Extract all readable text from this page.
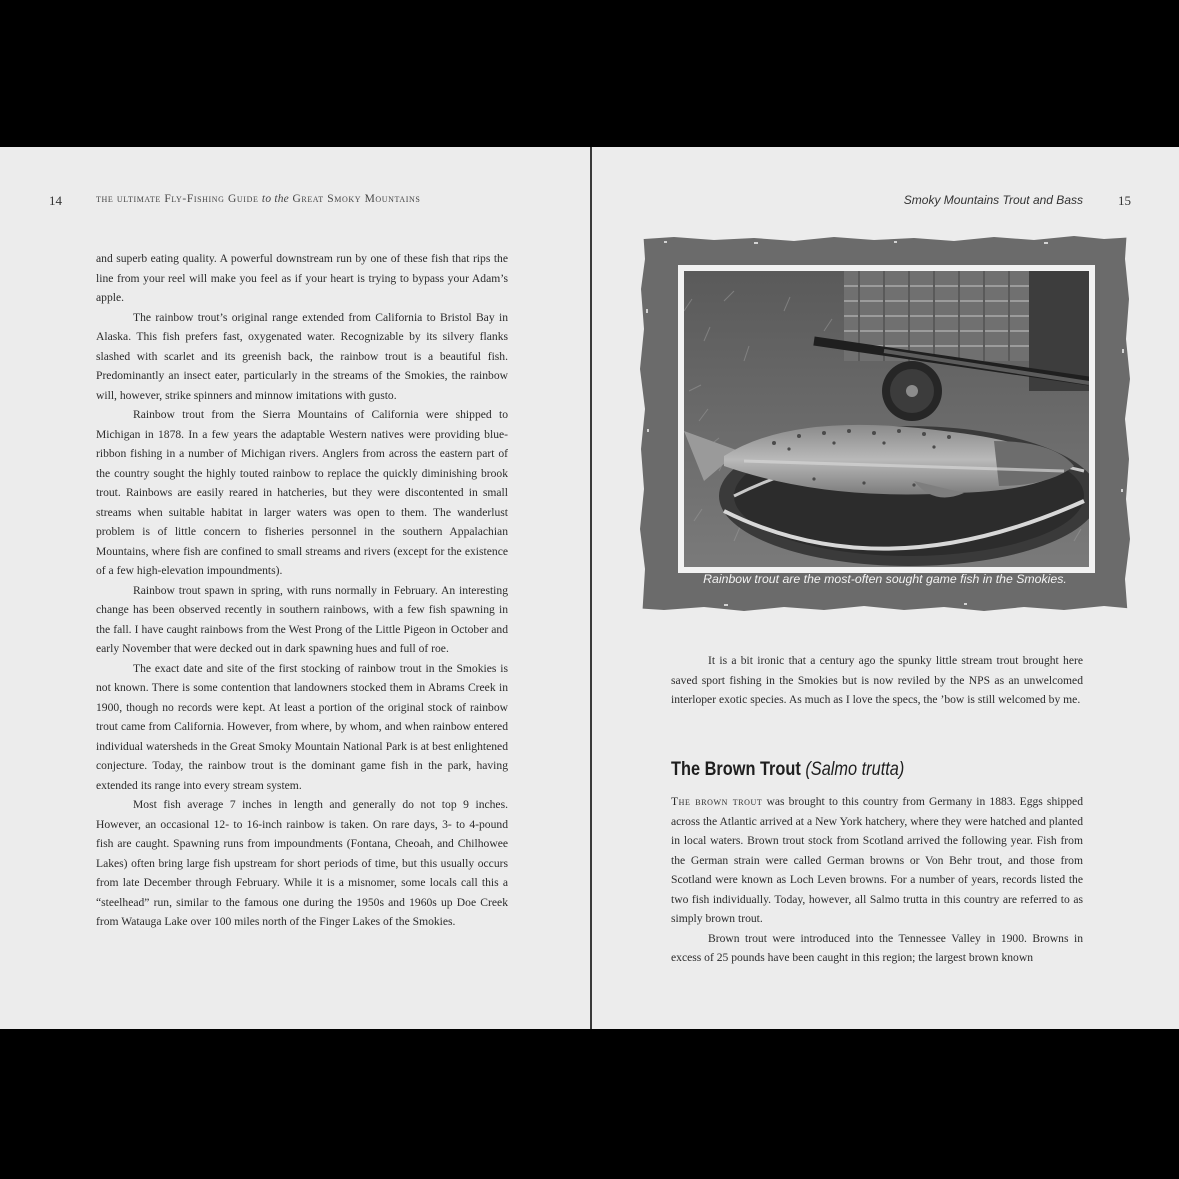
14	the ultimate Fly-Fishing Guide to the Great Smoky Mountains

and superb eating quality. A powerful downstream run by one of these fish that rips the line from your reel will make you feel as if your heart is trying to bypass your Adam’s apple.

The rainbow trout’s original range extended from California to Bristol Bay in Alaska. This fish prefers fast, oxygenated water. Recognizable by its silvery flanks slashed with scarlet and its greenish back, the rainbow trout is a beautiful fish. Predominantly an insect eater, particularly in the streams of the Smokies, the rainbow will, however, strike spinners and minnow imitations with gusto.

Rainbow trout from the Sierra Mountains of California were shipped to Michigan in 1878. In a few years the adaptable Western natives were providing blue-ribbon fishing in a number of Michigan rivers. Anglers from across the eastern part of the country sought the highly touted rainbow to replace the quickly diminishing brook trout. Rainbows are easily reared in hatcheries, but they were discontented in small streams when suitable habitat in larger waters was open to them. The wanderlust problem is of little concern to fisheries personnel in the southern Appalachian Mountains, where fish are confined to small streams and rivers (except for the existence of a few high-elevation impoundments).

Rainbow trout spawn in spring, with runs normally in February. An interesting change has been observed recently in southern rainbows, with a few fish spawning in the fall. I have caught rainbows from the West Prong of the Little Pigeon in October and early November that were decked out in dark spawning hues and full of roe.

The exact date and site of the first stocking of rainbow trout in the Smokies is not known. There is some contention that landowners stocked them in Abrams Creek in 1900, though no records were kept. At least a portion of the original stock of rainbow trout came from California. However, from where, by whom, and when rainbow entered individual watersheds in the Great Smoky Mountain National Park is at best enlightened conjecture. Today, the rainbow trout is the dominant game fish in the park, having extended its range into every stream system.

Most fish average 7 inches in length and generally do not top 9 inches. However, an occasional 12- to 16-inch rainbow is taken. On rare days, 3- to 4-pound fish are caught. Spawning runs from impoundments (Fontana, Cheoah, and Chilhowee Lakes) often bring large fish upstream for short periods of time, but this usually occurs from late December through February. While it is a misnomer, some locals call this a “steelhead” run, similar to the famous one during the 1950s and 1960s up Doe Creek from Watauga Lake over 100 miles north of the Finger Lakes of the Smokies.

Smoky Mountains Trout and Bass	15
Rainbow trout are the most-often sought game fish in the Smokies.

It is a bit ironic that a century ago the spunky little stream trout brought here saved sport fishing in the Smokies but is now reviled by the NPS as an unwelcomed interloper exotic species. As much as I love the specs, the ’bow is still welcomed by me.

The Brown Trout (Salmo trutta)

The brown trout was brought to this country from Germany in 1883. Eggs shipped across the Atlantic arrived at a New York hatchery, where they were hatched and planted in local waters. Brown trout stock from Scotland arrived the following year. Fish from the German strain were called German browns or Von Behr trout, and those from Scotland were known as Loch Leven browns. For a number of years, records listed the two fish individually. Today, however, all Salmo trutta in this country are referred to as simply brown trout.

Brown trout were introduced into the Tennessee Valley in 1900. Browns in excess of 25 pounds have been caught in this region; the largest brown known
